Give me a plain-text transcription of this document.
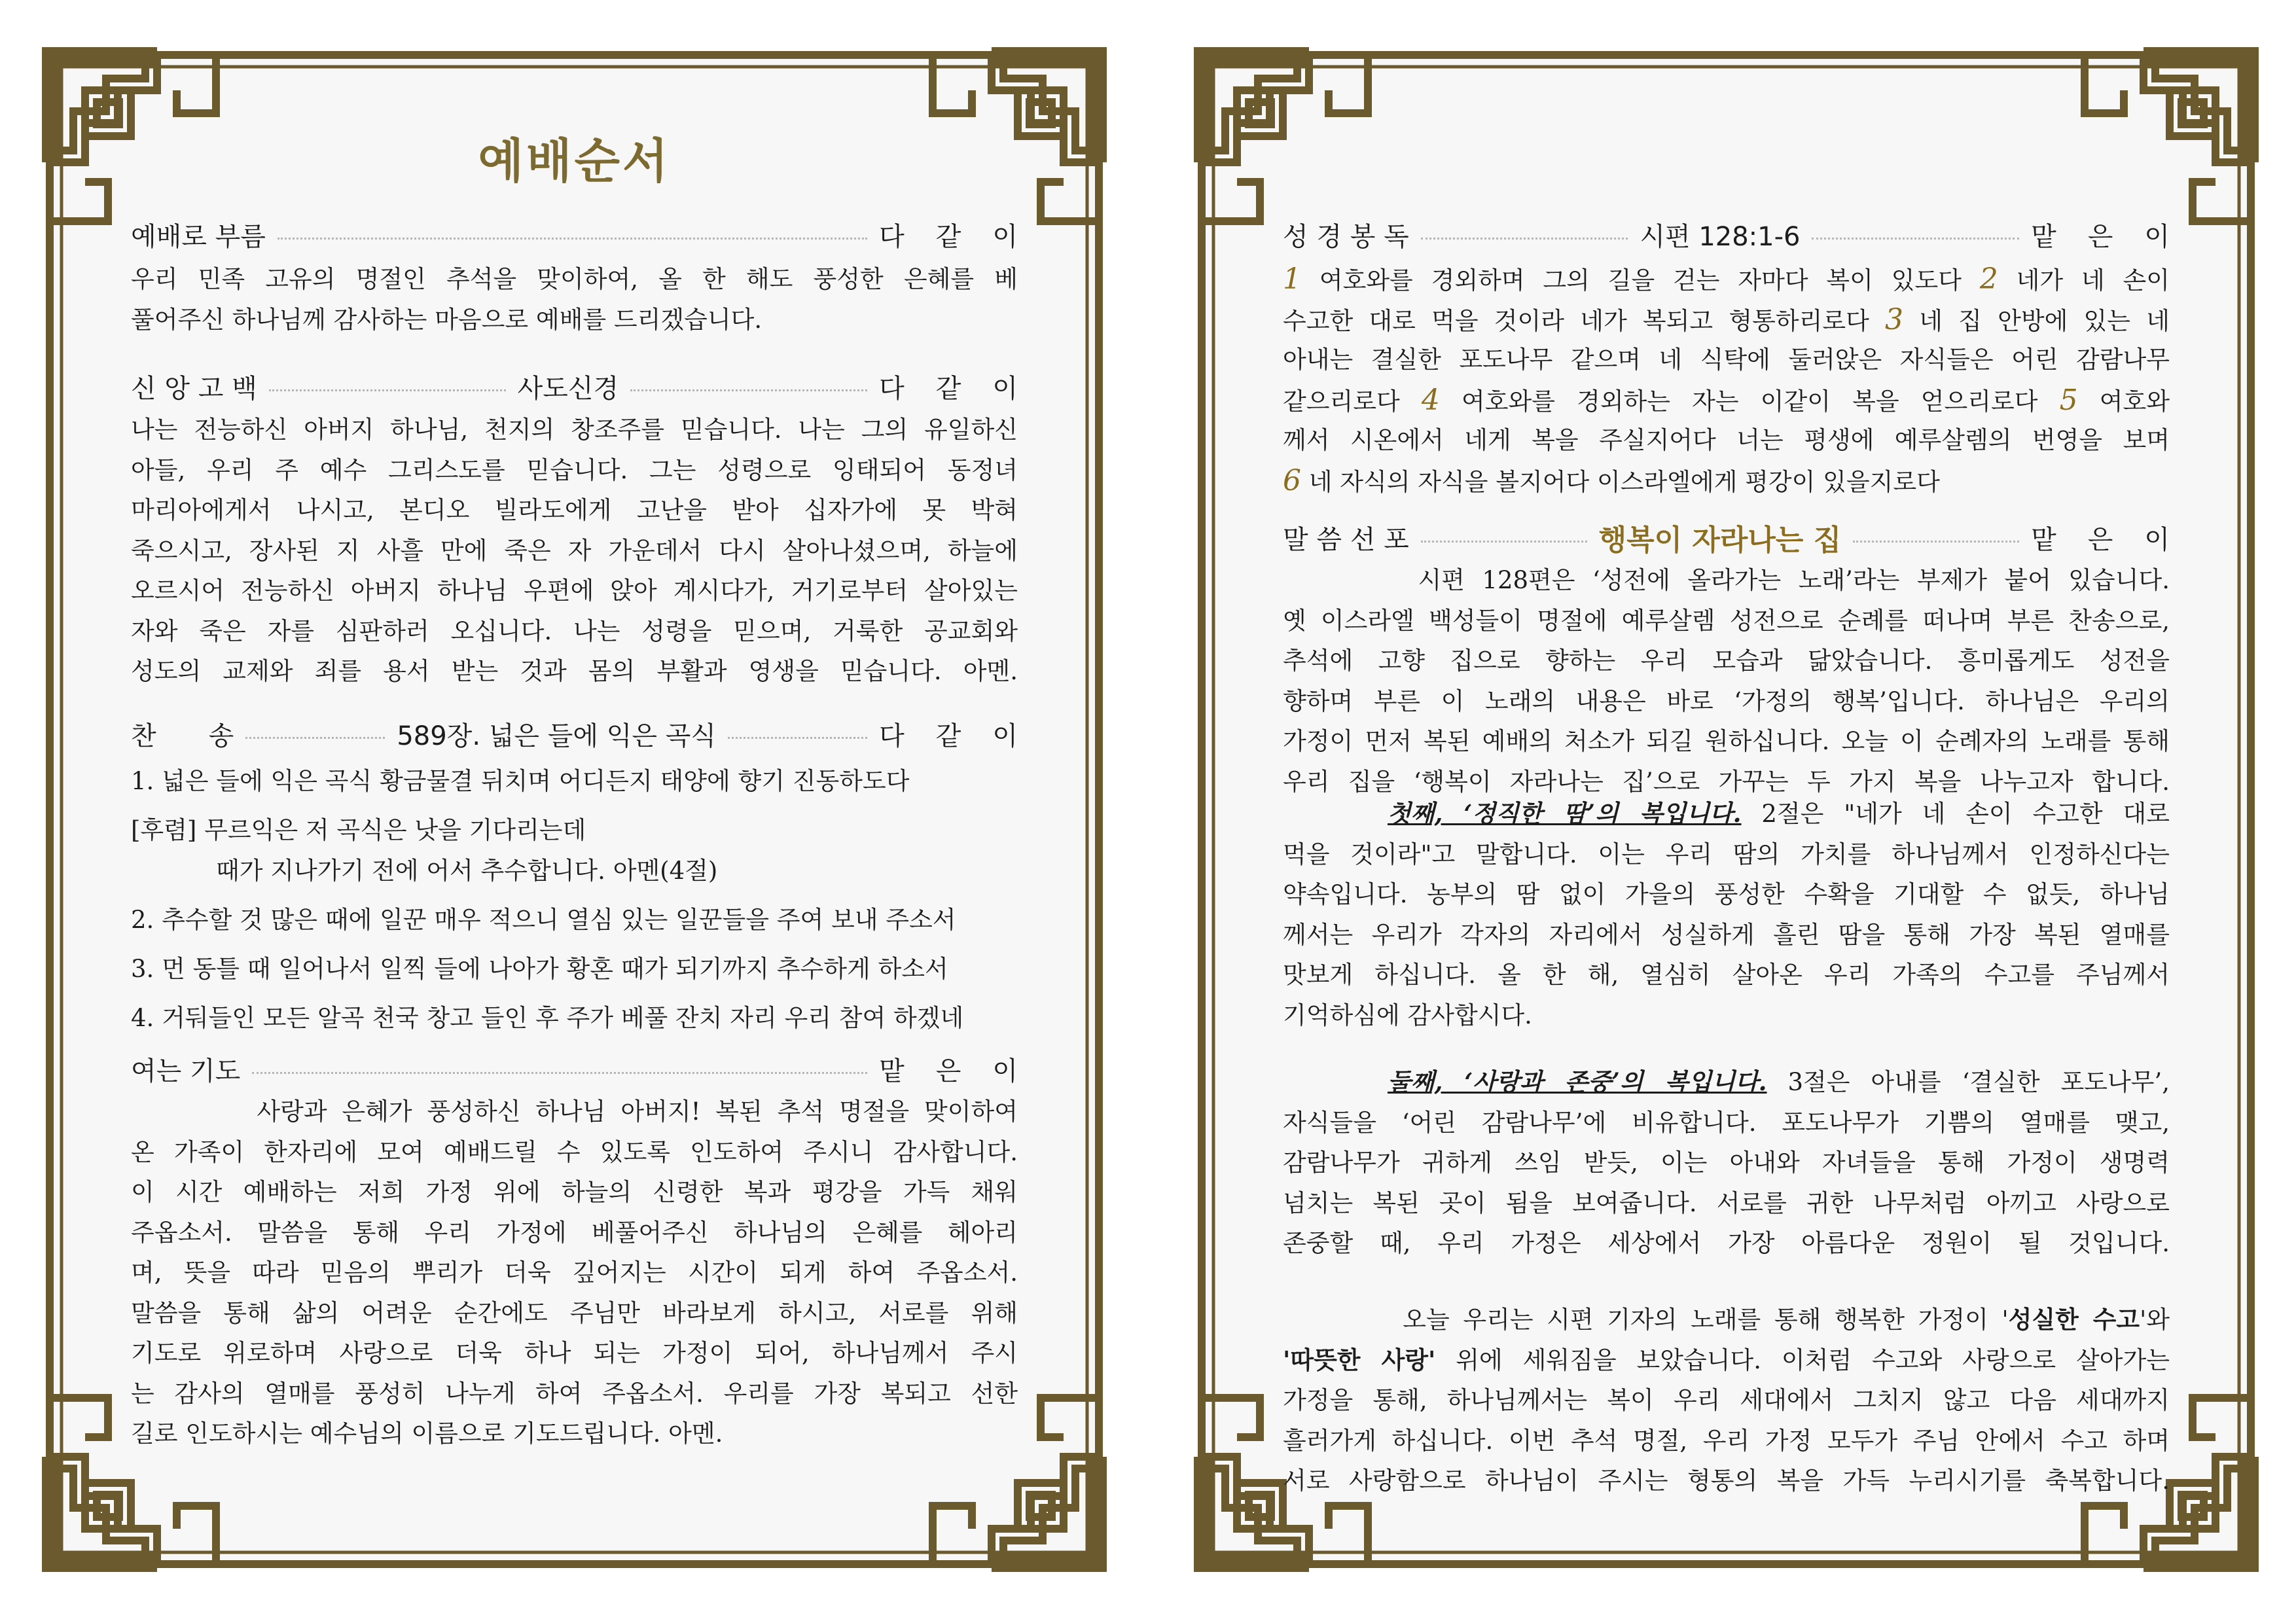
예배순서
예배로 부름	다같이
우리 민족 고유의 명절인 추석을 맞이하여, 올 한 해도 풍성한 은혜를 베
풀어주신 하나님께 감사하는 마음으로 예배를 드리겠습니다.
신 앙 고 백	사도신경	다같이
나는 전능하신 아버지 하나님, 천지의 창조주를 믿습니다. 나는 그의 유일하신
아들, 우리 주 예수 그리스도를 믿습니다. 그는 성령으로 잉태되어 동정녀
마리아에게서 나시고, 본디오 빌라도에게 고난을 받아 십자가에 못 박혀
죽으시고, 장사된 지 사흘 만에 죽은 자 가운데서 다시 살아나셨으며, 하늘에
오르시어 전능하신 아버지 하나님 우편에 앉아 계시다가, 거기로부터 살아있는
자와 죽은 자를 심판하러 오십니다. 나는 성령을 믿으며, 거룩한 공교회와
성도의 교제와 죄를 용서 받는 것과 몸의 부활과 영생을 믿습니다. 아멘.
찬　　송	589장. 넓은 들에 익은 곡식	다같이

1. 넓은 들에 익은 곡식 황금물결 뒤치며 어디든지 태양에 향기 진동하도다

[후렴] 무르익은 저 곡식은 낫을 기다리는데

때가 지나가기 전에 어서 추수합니다. 아멘(4절)

2. 추수할 것 많은 때에 일꾼 매우 적으니 열심 있는 일꾼들을 주여 보내 주소서

3. 먼 동틀 때 일어나서 일찍 들에 나아가 황혼 때가 되기까지 추수하게 하소서

4. 거둬들인 모든 알곡 천국 창고 들인 후 주가 베풀 잔치 자리 우리 참여 하겠네

여는 기도	맡은이
　　　　사랑과 은혜가 풍성하신 하나님 아버지! 복된 추석 명절을 맞이하여
온 가족이 한자리에 모여 예배드릴 수 있도록 인도하여 주시니 감사합니다.
이 시간 예배하는 저희 가정 위에 하늘의 신령한 복과 평강을 가득 채워
주옵소서. 말씀을 통해 우리 가정에 베풀어주신 하나님의 은혜를 헤아리
며, 뜻을 따라 믿음의 뿌리가 더욱 깊어지는 시간이 되게 하여 주옵소서.
말씀을 통해 삶의 어려운 순간에도 주님만 바라보게 하시고, 서로를 위해
기도로 위로하며 사랑으로 더욱 하나 되는 가정이 되어, 하나님께서 주시
는 감사의 열매를 풍성히 나누게 하여 주옵소서. 우리를 가장 복되고 선한
길로 인도하시는 예수님의 이름으로 기도드립니다. 아멘.
성 경 봉 독	시편 128:1-6	맡은이
1 여호와를 경외하며 그의 길을 걷는 자마다 복이 있도다 2 네가 네 손이
수고한 대로 먹을 것이라 네가 복되고 형통하리로다 3 네 집 안방에 있는 네
아내는 결실한 포도나무 같으며 네 식탁에 둘러앉은 자식들은 어린 감람나무
같으리로다 4 여호와를 경외하는 자는 이같이 복을 얻으리로다 5 여호와
께서 시온에서 네게 복을 주실지어다 너는 평생에 예루살렘의 번영을 보며
6 네 자식의 자식을 볼지어다 이스라엘에게 평강이 있을지로다
말 씀 선 포	행복이 자라나는 집	맡은이
　　　　시편 128편은 ‘성전에 올라가는 노래’라는 부제가 붙어 있습니다.
옛 이스라엘 백성들이 명절에 예루살렘 성전으로 순례를 떠나며 부른 찬송으로,
추석에 고향 집으로 향하는 우리 모습과 닮았습니다. 흥미롭게도 성전을
향하며 부른 이 노래의 내용은 바로 ‘가정의 행복’입니다. 하나님은 우리의
가정이 먼저 복된 예배의 처소가 되길 원하십니다. 오늘 이 순례자의 노래를 통해
우리 집을 ‘행복이 자라나는 집’으로 가꾸는 두 가지 복을 나누고자 합니다.
첫째, ‘정직한 땀’의 복입니다. 2절은 "네가 네 손이 수고한 대로
먹을 것이라"고 말합니다. 이는 우리 땀의 가치를 하나님께서 인정하신다는
약속입니다. 농부의 땀 없이 가을의 풍성한 수확을 기대할 수 없듯, 하나님
께서는 우리가 각자의 자리에서 성실하게 흘린 땀을 통해 가장 복된 열매를
맛보게 하십니다. 올 한 해, 열심히 살아온 우리 가족의 수고를 주님께서
기억하심에 감사합시다.
둘째, ‘사랑과 존중’의 복입니다. 3절은 아내를 ‘결실한 포도나무’,
자식들을 ‘어린 감람나무’에 비유합니다. 포도나무가 기쁨의 열매를 맺고,
감람나무가 귀하게 쓰임 받듯, 이는 아내와 자녀들을 통해 가정이 생명력
넘치는 복된 곳이 됨을 보여줍니다. 서로를 귀한 나무처럼 아끼고 사랑으로
존중할 때, 우리 가정은 세상에서 가장 아름다운 정원이 될 것입니다.
　　　　오늘 우리는 시편 기자의 노래를 통해 행복한 가정이 '성실한 수고'와
'따뜻한 사랑' 위에 세워짐을 보았습니다. 이처럼 수고와 사랑으로 살아가는
가정을 통해, 하나님께서는 복이 우리 세대에서 그치지 않고 다음 세대까지
흘러가게 하십니다. 이번 추석 명절, 우리 가정 모두가 주님 안에서 수고 하며
서로 사랑함으로 하나님이 주시는 형통의 복을 가득 누리시기를 축복합니다.
